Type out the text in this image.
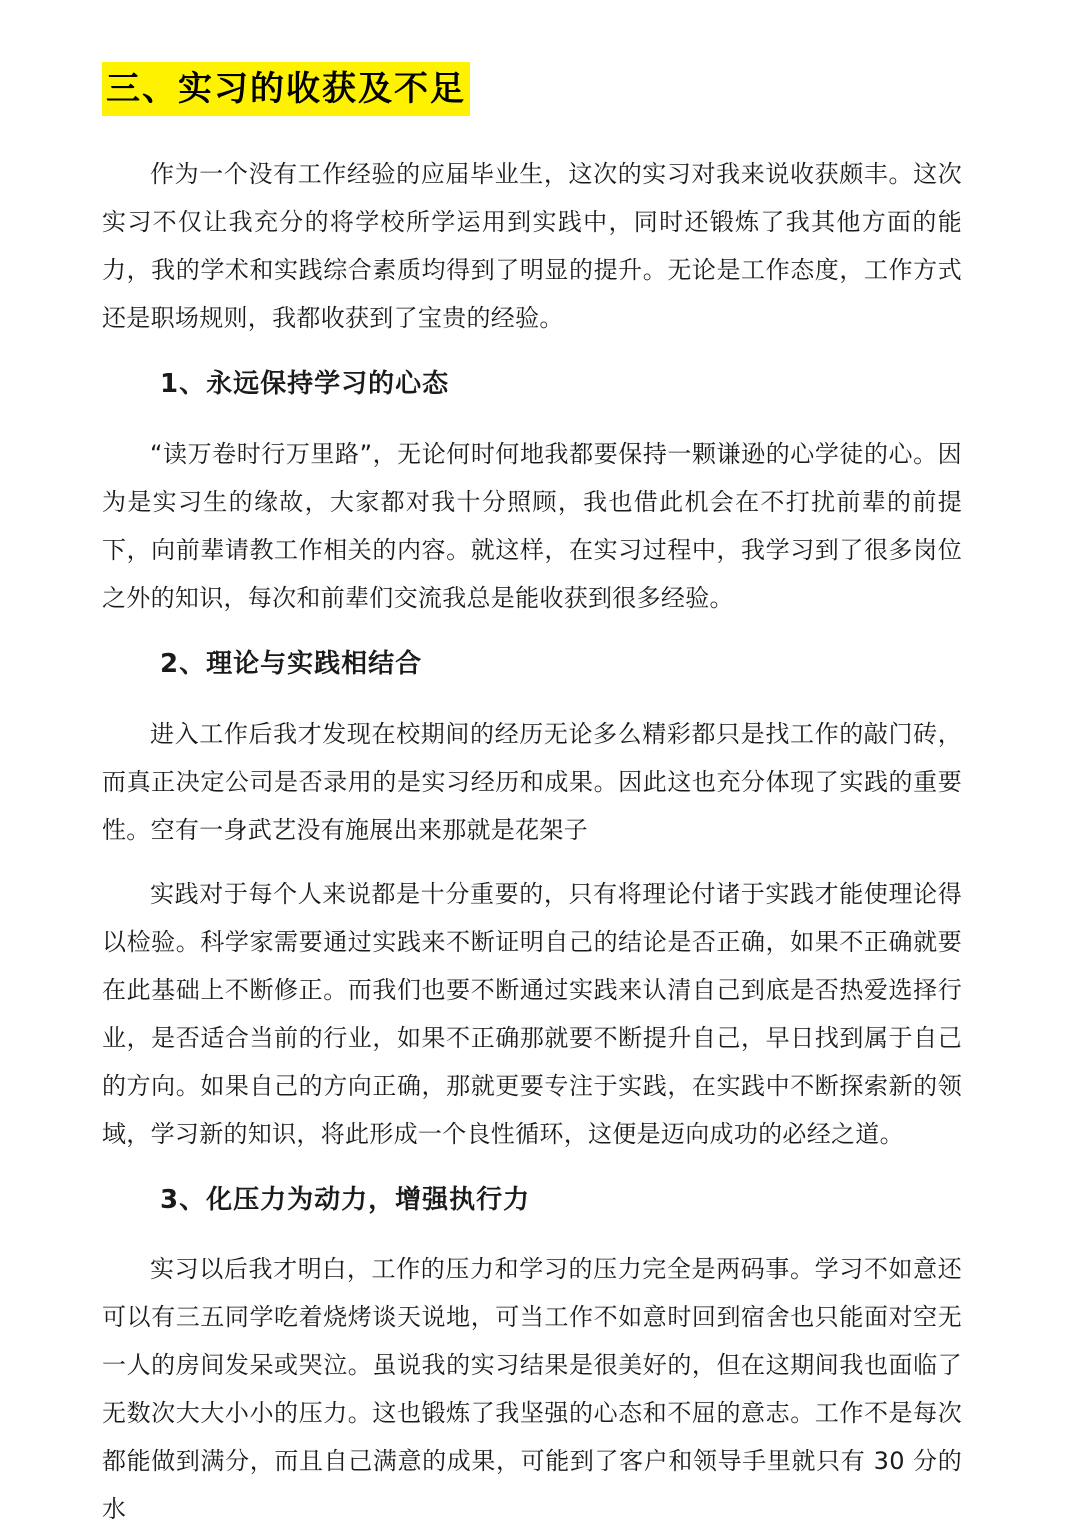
三、实习的收获及不足

作为一个没有工作经验的应届毕业生，这次的实习对我来说收获颇丰。这次实习不仅让我充分的将学校所学运用到实践中，同时还锻炼了我其他方面的能力，我的学术和实践综合素质均得到了明显的提升。无论是工作态度，工作方式还是职场规则，我都收获到了宝贵的经验。

1、永远保持学习的心态

“读万卷时行万里路”，无论何时何地我都要保持一颗谦逊的心学徒的心。因为是实习生的缘故，大家都对我十分照顾，我也借此机会在不打扰前辈的前提下，向前辈请教工作相关的内容。就这样，在实习过程中，我学习到了很多岗位之外的知识，每次和前辈们交流我总是能收获到很多经验。

2、理论与实践相结合

进入工作后我才发现在校期间的经历无论多么精彩都只是找工作的敲门砖，而真正决定公司是否录用的是实习经历和成果。因此这也充分体现了实践的重要性。空有一身武艺没有施展出来那就是花架子

实践对于每个人来说都是十分重要的，只有将理论付诸于实践才能使理论得以检验。科学家需要通过实践来不断证明自己的结论是否正确，如果不正确就要在此基础上不断修正。而我们也要不断通过实践来认清自己到底是否热爱选择行业，是否适合当前的行业，如果不正确那就要不断提升自己，早日找到属于自己的方向。如果自己的方向正确，那就更要专注于实践，在实践中不断探索新的领域，学习新的知识，将此形成一个良性循环，这便是迈向成功的必经之道。

3、化压力为动力，增强执行力

实习以后我才明白，工作的压力和学习的压力完全是两码事。学习不如意还可以有三五同学吃着烧烤谈天说地，可当工作不如意时回到宿舍也只能面对空无一人的房间发呆或哭泣。虽说我的实习结果是很美好的，但在这期间我也面临了无数次大大小小的压力。这也锻炼了我坚强的心态和不屈的意志。工作不是每次都能做到满分，而且自己满意的成果，可能到了客户和领导手里就只有 30 分的水
